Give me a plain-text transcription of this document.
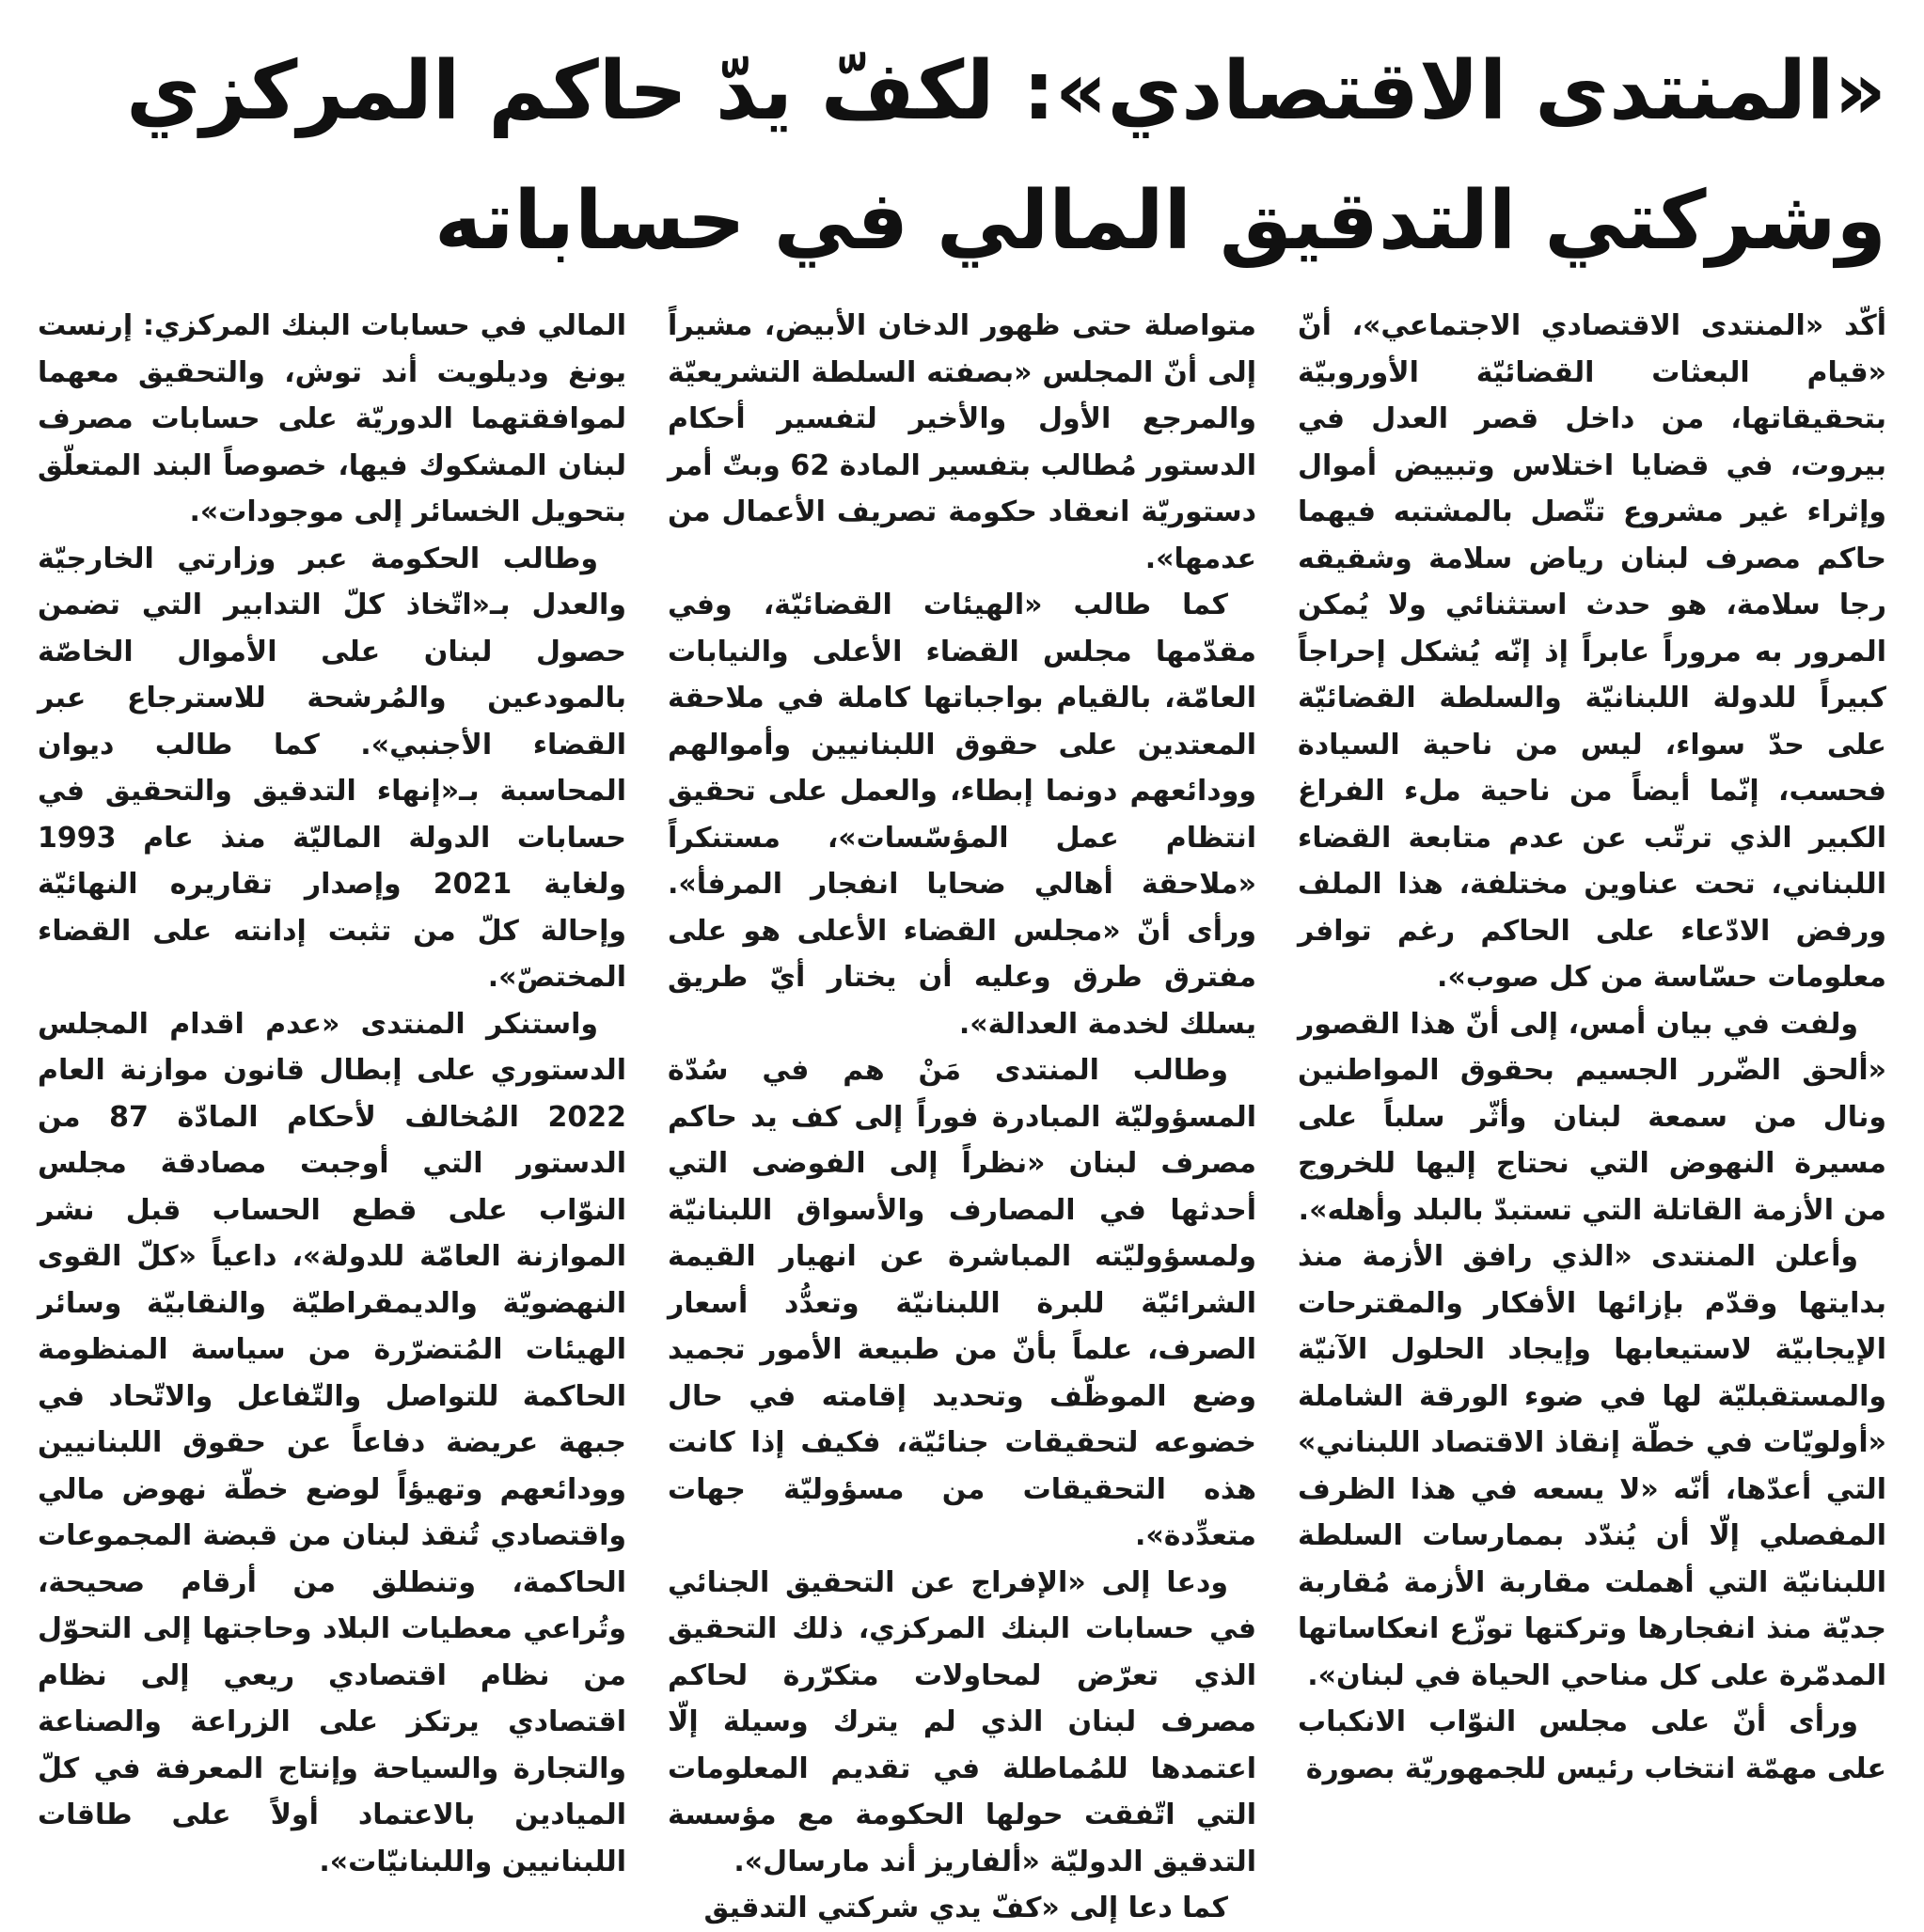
«المنتدى الاقتصادي»: لكفّ يدّ حاكم المركزي
وشركتي التدقيق المالي في حساباته

أكّد «المنتدى الاقتصادي الاجتماعي»، أنّ «قيام البعثات القضائيّة الأوروبيّة بتحقيقاتها، من داخل قصر العدل في بيروت، في قضايا اختلاس وتبييض أموال وإثراء غير مشروع تتّصل بالمشتبه فيهما حاكم مصرف لبنان رياض سلامة وشقيقه رجا سلامة، هو حدث استثنائي ولا يُمكن المرور به مروراً عابراً إذ إنّه يُشكل إحراجاً كبيراً للدولة اللبنانيّة والسلطة القضائيّة على حدّ سواء، ليس من ناحية السيادة فحسب، إنّما أيضاً من ناحية ملء الفراغ الكبير الذي ترتّب عن عدم متابعة القضاء اللبناني، تحت عناوين مختلفة، هذا الملف ورفض الادّعاء على الحاكم رغم توافر معلومات حسّاسة من كل صوب».

ولفت في بيان أمس، إلى أنّ هذا القصور «ألحق الضّرر الجسيم بحقوق المواطنين ونال من سمعة لبنان وأثّر سلباً على مسيرة النهوض التي نحتاج إليها للخروج من الأزمة القاتلة التي تستبدّ بالبلد وأهله».

وأعلن المنتدى «الذي رافق الأزمة منذ بدايتها وقدّم بإزائها الأفكار والمقترحات الإيجابيّة لاستيعابها وإيجاد الحلول الآنيّة والمستقبليّة لها في ضوء الورقة الشاملة «أولويّات في خطّة إنقاذ الاقتصاد اللبناني» التي أعدّها، أنّه «لا يسعه في هذا الظرف المفصلي إلّا أن يُندّد بممارسات السلطة اللبنانيّة التي أهملت مقاربة الأزمة مُقاربة جديّة منذ انفجارها وتركتها توزّع انعكاساتها المدمّرة على كل مناحي الحياة في لبنان».

ورأى أنّ على مجلس النوّاب الانكباب على مهمّة انتخاب رئيس للجمهوريّة بصورة

متواصلة حتى ظهور الدخان الأبيض، مشيراً إلى أنّ المجلس «بصفته السلطة التشريعيّة والمرجع الأول والأخير لتفسير أحكام الدستور مُطالب بتفسير المادة 62 وبتّ أمر دستوريّة انعقاد حكومة تصريف الأعمال من عدمها».

كما طالب «الهيئات القضائيّة، وفي مقدّمها مجلس القضاء الأعلى والنيابات العامّة، بالقيام بواجباتها كاملة في ملاحقة المعتدين على حقوق اللبنانيين وأموالهم وودائعهم دونما إبطاء، والعمل على تحقيق انتظام عمل المؤسّسات»، مستنكراً «ملاحقة أهالي ضحايا انفجار المرفأ». ورأى أنّ «مجلس القضاء الأعلى هو على مفترق طرق وعليه أن يختار أيّ طريق يسلك لخدمة العدالة».

وطالب المنتدى مَنْ هم في سُدّة المسؤوليّة المبادرة فوراً إلى كف يد حاكم مصرف لبنان «نظراً إلى الفوضى التي أحدثها في المصارف والأسواق اللبنانيّة ولمسؤوليّته المباشرة عن انهيار القيمة الشرائيّة للبرة اللبنانيّة وتعدُّد أسعار الصرف، علماً بأنّ من طبيعة الأمور تجميد وضع الموظّف وتحديد إقامته في حال خضوعه لتحقيقات جنائيّة، فكيف إذا كانت هذه التحقيقات من مسؤوليّة جهات متعدِّدة».

ودعا إلى «الإفراج عن التحقيق الجنائي في حسابات البنك المركزي، ذلك التحقيق الذي تعرّض لمحاولات متكرّرة لحاكم مصرف لبنان الذي لم يترك وسيلة إلّا اعتمدها للمُماطلة في تقديم المعلومات التي اتّفقت حولها الحكومة مع مؤسسة التدقيق الدوليّة «ألفاريز أند مارسال».

كما دعا إلى «كفّ يدي شركتي التدقيق

المالي في حسابات البنك المركزي: إرنست يونغ وديلويت أند توش، والتحقيق معهما لموافقتهما الدوريّة على حسابات مصرف لبنان المشكوك فيها، خصوصاً البند المتعلّق بتحويل الخسائر إلى موجودات».

وطالب الحكومة عبر وزارتي الخارجيّة والعدل بـ«اتّخاذ كلّ التدابير التي تضمن حصول لبنان على الأموال الخاصّة بالمودعين والمُرشحة للاسترجاع عبر القضاء الأجنبي». كما طالب ديوان المحاسبة بـ«إنهاء التدقيق والتحقيق في حسابات الدولة الماليّة منذ عام 1993 ولغاية 2021 وإصدار تقاريره النهائيّة وإحالة كلّ من تثبت إدانته على القضاء المختصّ».

واستنكر المنتدى «عدم اقدام المجلس الدستوري على إبطال قانون موازنة العام 2022 المُخالف لأحكام المادّة 87 من الدستور التي أوجبت مصادقة مجلس النوّاب على قطع الحساب قبل نشر الموازنة العامّة للدولة»، داعياً «كلّ القوى النهضويّة والديمقراطيّة والنقابيّة وسائر الهيئات المُتضرّرة من سياسة المنظومة الحاكمة للتواصل والتّفاعل والاتّحاد في جبهة عريضة دفاعاً عن حقوق اللبنانيين وودائعهم وتهيؤاً لوضع خطّة نهوض مالي واقتصادي تُنقذ لبنان من قبضة المجموعات الحاكمة، وتنطلق من أرقام صحيحة، وتُراعي معطيات البلاد وحاجتها إلى التحوّل من نظام اقتصادي ريعي إلى نظام اقتصادي يرتكز على الزراعة والصناعة والتجارة والسياحة وإنتاج المعرفة في كلّ الميادين بالاعتماد أولاً على طاقات اللبنانيين واللبنانيّات».
